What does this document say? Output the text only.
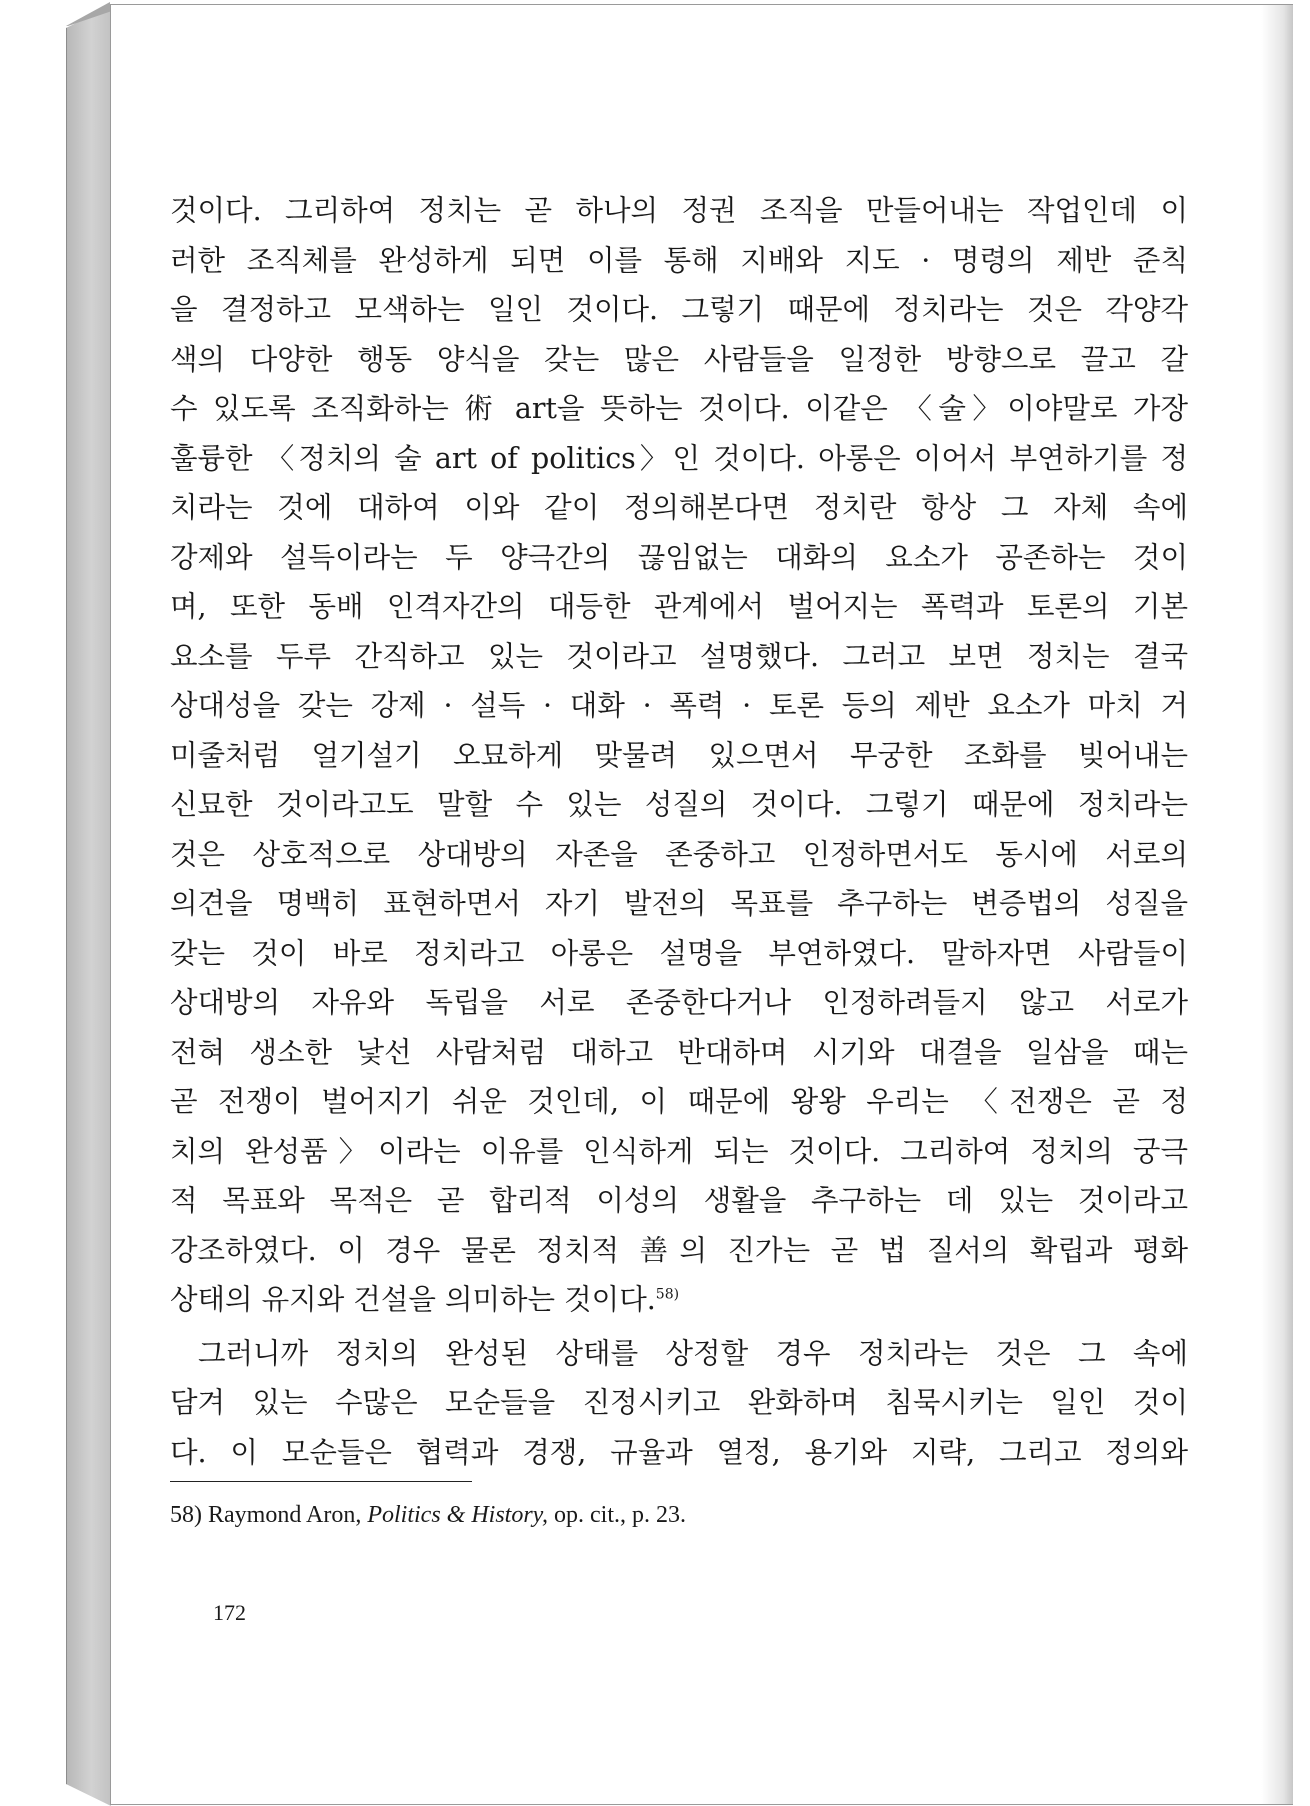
것이다. 그리하여 정치는 곧 하나의 정권 조직을 만들어내는 작업인데 이
러한 조직체를 완성하게 되면 이를 통해 지배와 지도 · 명령의 제반 준칙
을 결정하고 모색하는 일인 것이다. 그렇기 때문에 정치라는 것은 각양각
색의 다양한 행동 양식을 갖는 많은 사람들을 일정한 방향으로 끌고 갈
수 있도록 조직화하는 術 art을 뜻하는 것이다. 이같은 〈술〉이야말로 가장
훌륭한 〈정치의 술 art of politics〉인 것이다. 아롱은 이어서 부연하기를 정
치라는 것에 대하여 이와 같이 정의해본다면 정치란 항상 그 자체 속에
강제와 설득이라는 두 양극간의 끊임없는 대화의 요소가 공존하는 것이
며, 또한 동배 인격자간의 대등한 관계에서 벌어지는 폭력과 토론의 기본
요소를 두루 간직하고 있는 것이라고 설명했다. 그러고 보면 정치는 결국
상대성을 갖는 강제 · 설득 · 대화 · 폭력 · 토론 등의 제반 요소가 마치 거
미줄처럼 얼기설기 오묘하게 맞물려 있으면서 무궁한 조화를 빚어내는
신묘한 것이라고도 말할 수 있는 성질의 것이다. 그렇기 때문에 정치라는
것은 상호적으로 상대방의 자존을 존중하고 인정하면서도 동시에 서로의
의견을 명백히 표현하면서 자기 발전의 목표를 추구하는 변증법의 성질을
갖는 것이 바로 정치라고 아롱은 설명을 부연하였다. 말하자면 사람들이
상대방의 자유와 독립을 서로 존중한다거나 인정하려들지 않고 서로가
전혀 생소한 낯선 사람처럼 대하고 반대하며 시기와 대결을 일삼을 때는
곧 전쟁이 벌어지기 쉬운 것인데, 이 때문에 왕왕 우리는 〈전쟁은 곧 정
치의 완성품〉이라는 이유를 인식하게 되는 것이다. 그리하여 정치의 궁극
적 목표와 목적은 곧 합리적 이성의 생활을 추구하는 데 있는 것이라고
강조하였다. 이 경우 물론 정치적 善의 진가는 곧 법 질서의 확립과 평화
상태의 유지와 건설을 의미하는 것이다.$^{58)}$
그러니까 정치의 완성된 상태를 상정할 경우 정치라는 것은 그 속에
담겨 있는 수많은 모순들을 진정시키고 완화하며 침묵시키는 일인 것이
다. 이 모순들은 협력과 경쟁, 규율과 열정, 용기와 지략, 그리고 정의와
58) Raymond Aron, Politics & History, op. cit., p. 23.
172
